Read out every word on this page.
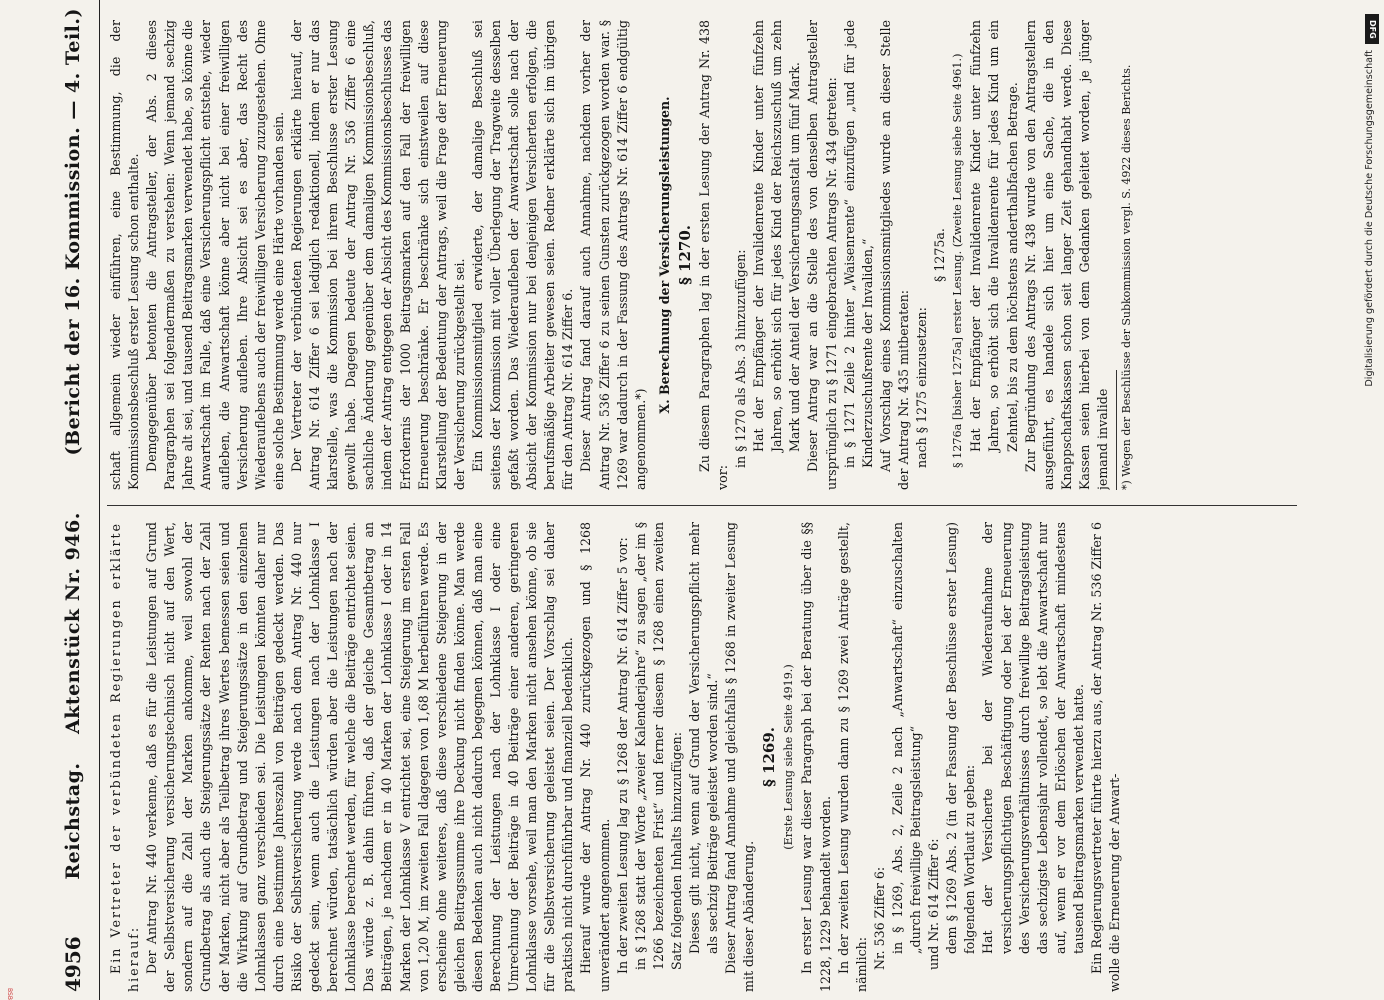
4956
Reichstag.    Aktenstück Nr. 946.
(Bericht der 16. Kommission. — 4. Teil.)

Ein Vertreter der verbündeten Regierungen erklärte hierauf: Der Antrag Nr. 440 verkenne, daß es für die Leistungen auf Grund der Selbstversicherung versicherungstechnisch nicht auf den Wert, sondern auf die Zahl der Marken ankomme, weil sowohl der Grundbetrag als auch die Steigerungssätze der Renten nach der Zahl der Marken, nicht aber als Teilbetrag ihres Wertes bemessen seien und die Wirkung auf Grundbetrag und Steigerungssätze in den einzelnen Lohnklassen ganz verschieden sei. Die Leistungen könnten daher nur durch eine bestimmte Jahreszahl von Beiträgen gedeckt werden. Das Risiko der Selbstversicherung werde nach dem Antrag Nr. 440 nur gedeckt sein, wenn auch die Leistungen nach der Lohnklasse I berechnet würden, tatsächlich würden aber die Leistungen nach der Lohnklasse berechnet werden, für welche die Beiträge entrichtet seien. Das würde z. B. dahin führen, daß der gleiche Gesamtbetrag an Beiträgen, je nachdem er in 40 Marken der Lohnklasse I oder in 14 Marken der Lohnklasse V entrichtet sei, eine Steigerung im ersten Fall von 1,20 M, im zweiten Fall dagegen von 1,68 M herbeiführen werde. Es erscheine ohne weiteres, daß diese verschiedene Steigerung in der gleichen Beitragssumme ihre Deckung nicht finden könne. Man werde diesen Bedenken auch nicht dadurch begegnen können, daß man eine Berechnung der Leistungen nach der Lohnklasse I oder eine Umrechnung der Beiträge in 40 Beiträge einer anderen, geringeren Lohnklasse vorsehe, weil man den Marken nicht ansehen könne, ob sie für die Selbstversicherung geleistet seien. Der Vorschlag sei daher praktisch nicht durchführbar und finanziell bedenklich. Hierauf wurde der Antrag Nr. 440 zurückgezogen und § 1268 unverändert angenommen. In der zweiten Lesung lag zu § 1268 der Antrag Nr. 614 Ziffer 5 vor: in § 1268 statt der Worte „zweier Kalenderjahre“ zu sagen „der im § 1266 bezeichneten Frist“ und ferner diesem § 1268 einen zweiten Satz folgenden Inhalts hinzuzufügen: Dieses gilt nicht, wenn auf Grund der Versicherungspflicht mehr als sechzig Beiträge geleistet worden sind.“ Dieser Antrag fand Annahme und gleichfalls § 1268 in zweiter Lesung mit dieser Abänderung.

§ 1269. (Erste Lesung siehe Seite 4919.) In erster Lesung war dieser Paragraph bei der Beratung über die §§ 1228, 1229 behandelt worden. In der zweiten Lesung wurden dann zu § 1269 zwei Anträge gestellt, nämlich: Nr. 536 Ziffer 6: in § 1269, Abs. 2, Zeile 2 nach „Anwartschaft“ einzuschalten „durch freiwillige Beitragsleistung“ und Nr. 614 Ziffer 6: dem § 1269 Abs. 2 (in der Fassung der Beschlüsse erster Lesung) folgenden Wortlaut zu geben: Hat der Versicherte bei der Wiederaufnahme der versicherungspflichtigen Beschäftigung oder bei der Erneuerung des Versicherungsverhältnisses durch freiwillige Beitragsleistung das sechzigste Lebensjahr vollendet, so lebt die Anwartschaft nur auf, wenn er vor dem Erlöschen der Anwartschaft mindestens tausend Beitragsmarken verwendet hatte. Ein Regierungsvertreter führte hierzu aus, der Antrag Nr. 536 Ziffer 6 wolle die Erneuerung der Anwart-

schaft allgemein wieder einführen, eine Bestimmung, die der Kommissionsbeschluß erster Lesung schon enthalte. Demgegenüber betonten die Antragsteller, der Abs. 2 dieses Paragraphen sei folgendermaßen zu verstehen: Wenn jemand sechzig Jahre alt sei, und tausend Beitragsmarken verwendet habe, so könne die Anwartschaft im Falle, daß eine Versicherungspflicht entstehe, wieder aufleben, die Anwartschaft könne aber nicht bei einer freiwilligen Versicherung aufleben. Ihre Absicht sei es aber, das Recht des Wiederauflebens auch der freiwilligen Versicherung zuzugestehen. Ohne eine solche Bestimmung werde eine Härte vorhanden sein. Der Vertreter der verbündeten Regierungen erklärte hierauf, der Antrag Nr. 614 Ziffer 6 sei lediglich redaktionell, indem er nur das klarstelle, was die Kommission bei ihrem Beschlusse erster Lesung gewollt habe. Dagegen bedeute der Antrag Nr. 536 Ziffer 6 eine sachliche Änderung gegenüber dem damaligen Kommissionsbeschluß, indem der Antrag entgegen der Absicht des Kommissionsbeschlusses das Erfordernis der 1000 Beitragsmarken auf den Fall der freiwilligen Erneuerung beschränke. Er beschränke sich einstweilen auf diese Klarstellung der Bedeutung der Antrags, weil die Frage der Erneuerung der Versicherung zurückgestellt sei. Ein Kommissionsmitglied erwiderte, der damalige Beschluß sei seitens der Kommission mit voller Überlegung der Tragweite desselben gefaßt worden. Das Wiederaufleben der Anwartschaft solle nach der Absicht der Kommission nur bei denjenigen Versicherten erfolgen, die berufsmäßige Arbeiter gewesen seien. Redner erklärte sich im übrigen für den Antrag Nr. 614 Ziffer 6. Dieser Antrag fand darauf auch Annahme, nachdem vorher der Antrag Nr. 536 Ziffer 6 zu seinen Gunsten zurückgezogen worden war. § 1269 war dadurch in der Fassung des Antrags Nr. 614 Ziffer 6 endgültig angenommen.*)

X. Berechnung der Versicherungsleistungen. § 1270. Zu diesem Paragraphen lag in der ersten Lesung der Antrag Nr. 438 vor:

in § 1270 als Abs. 3 hinzuzufügen: Hat der Empfänger der Invalidenrente Kinder unter fünfzehn Jahren, so erhöht sich für jedes Kind der Reichszuschuß um zehn Mark und der Anteil der Versicherungsanstalt um fünf Mark. Dieser Antrag war an die Stelle des von denselben Antragsteller ursprünglich zu § 1271 eingebrachten Antrags Nr. 434 getreten: in § 1271 Zeile 2 hinter „Waisenrente“ einzufügen „und für jede Kinderzuschußrente der Invaliden,“ Auf Vorschlag eines Kommissionsmitgliedes wurde an dieser Stelle der Antrag Nr. 435 mitberaten: nach § 1275 einzusetzen:

§ 1275a. § 1276a [bisher 1275a] erster Lesung. (Zweite Lesung siehe Seite 4961.) Hat der Empfänger der Invalidenrente Kinder unter fünfzehn Jahren, so erhöht sich die Invalidenrente für jedes Kind um ein Zehntel, bis zu dem höchstens anderthalbfachen Betrage. Zur Begründung des Antrags Nr. 438 wurde von den Antragstellern ausgeführt, es handele sich hier um eine Sache, die in den Knappschaftskassen schon seit langer Zeit gehandhabt werde. Diese Kassen seien hierbei von dem Gedanken geleitet worden, je jünger jemand invalide *) Wegen der Beschlüsse der Subkommission vergl. S. 4922 dieses Berichts.

DFG
Digitalisierung gefördert durch die Deutsche Forschungsgemeinschaft
BSB
